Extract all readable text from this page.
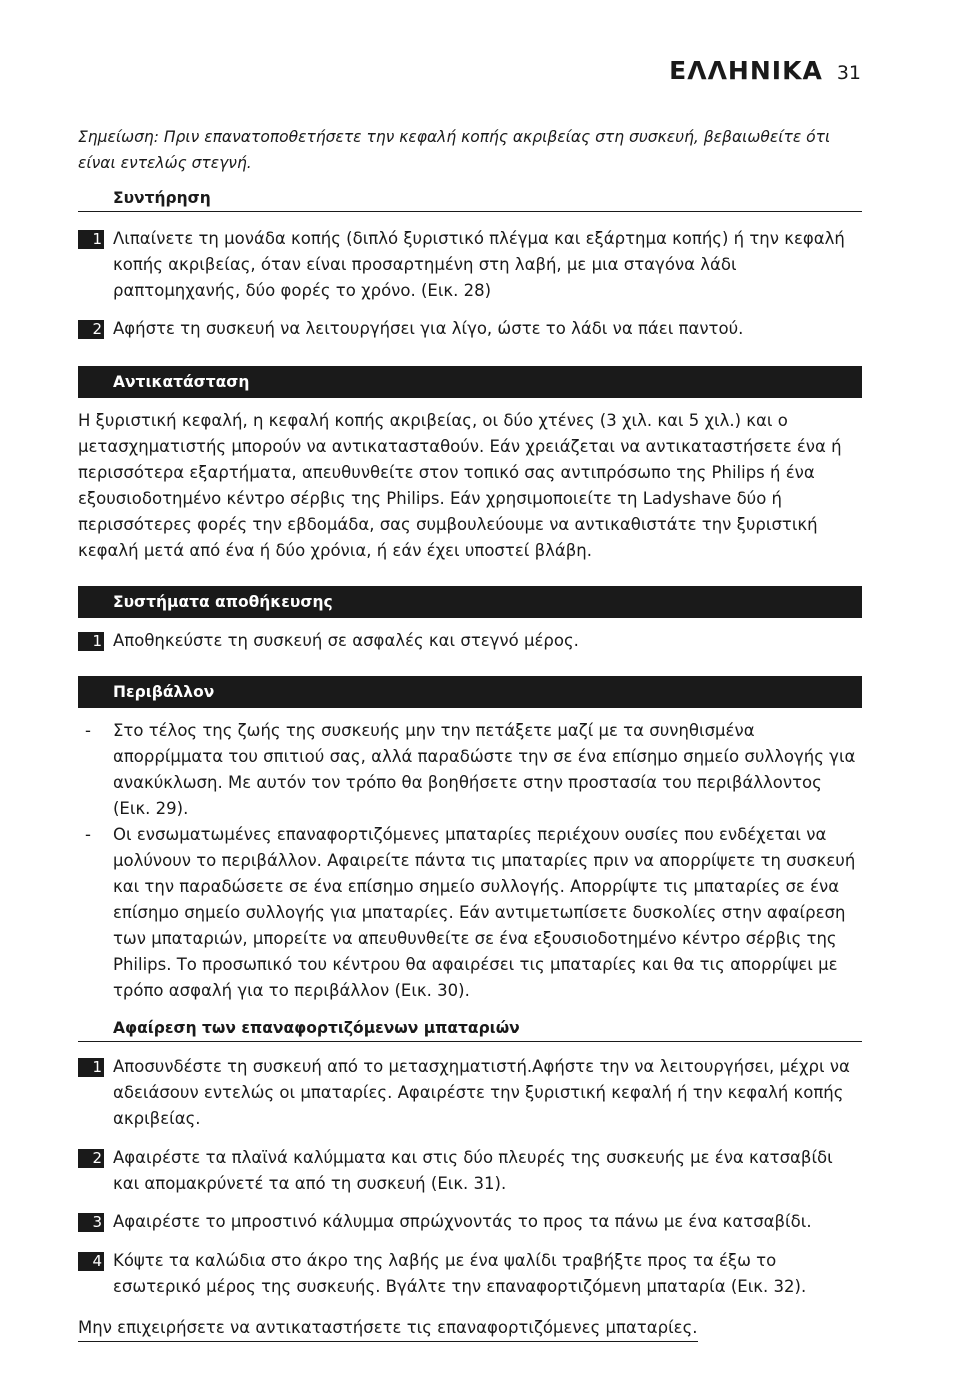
ΕΛΛΗΝΙΚΑ 31
Σημείωση: Πριν επανατοποθετήσετε την κεφαλή κοπής ακριβείας στη συσκευή, βεβαιωθείτε ότι είναι εντελώς στεγνή.
Συντήρηση
1 Λιπαίνετε τη μονάδα κοπής (διπλό ξυριστικό πλέγμα και εξάρτημα κοπής) ή την κεφαλή κοπής ακριβείας, όταν είναι προσαρτημένη στη λαβή, με μια σταγόνα λάδι ραπτομηχανής, δύο φορές το χρόνο. (Εικ. 28)
2 Αφήστε τη συσκευή να λειτουργήσει για λίγο, ώστε το λάδι να πάει παντού.
Αντικατάσταση
Η ξυριστική κεφαλή, η κεφαλή κοπής ακριβείας, οι δύο χτένες (3 χιλ. και 5 χιλ.) και ο μετασχηματιστής μπορούν να αντικατασταθούν. Εάν χρειάζεται να αντικαταστήσετε ένα ή περισσότερα εξαρτήματα, απευθυνθείτε στον τοπικό σας αντιπρόσωπο της Philips ή ένα εξουσιοδοτημένο κέντρο σέρβις της Philips. Εάν χρησιμοποιείτε τη Ladyshave δύο ή περισσότερες φορές την εβδομάδα, σας συμβουλεύουμε να αντικαθιστάτε την ξυριστική κεφαλή μετά από ένα ή δύο χρόνια, ή εάν έχει υποστεί βλάβη.
Συστήματα αποθήκευσης
1 Αποθηκεύστε τη συσκευή σε ασφαλές και στεγνό μέρος.
Περιβάλλον
- Στο τέλος της ζωής της συσκευής μην την πετάξετε μαζί με τα συνηθισμένα απορρίμματα του σπιτιού σας, αλλά παραδώστε την σε ένα επίσημο σημείο συλλογής για ανακύκλωση. Με αυτόν τον τρόπο θα βοηθήσετε στην προστασία του περιβάλλοντος (Εικ. 29).
- Οι ενσωματωμένες επαναφορτιζόμενες μπαταρίες περιέχουν ουσίες που ενδέχεται να μολύνουν το περιβάλλον. Αφαιρείτε πάντα τις μπαταρίες πριν να απορρίψετε τη συσκευή και την παραδώσετε σε ένα επίσημο σημείο συλλογής. Απορρίψτε τις μπαταρίες σε ένα επίσημο σημείο συλλογής για μπαταρίες. Εάν αντιμετωπίσετε δυσκολίες στην αφαίρεση των μπαταριών, μπορείτε να απευθυνθείτε σε ένα εξουσιοδοτημένο κέντρο σέρβις της Philips. Το προσωπικό του κέντρου θα αφαιρέσει τις μπαταρίες και θα τις απορρίψει με τρόπο ασφαλή για το περιβάλλον (Εικ. 30).
Αφαίρεση των επαναφορτιζόμενων μπαταριών
1 Αποσυνδέστε τη συσκευή από το μετασχηματιστή.Αφήστε την να λειτουργήσει, μέχρι να αδειάσουν εντελώς οι μπαταρίες. Αφαιρέστε την ξυριστική κεφαλή ή την κεφαλή κοπής ακριβείας.
2 Αφαιρέστε τα πλαϊνά καλύμματα και στις δύο πλευρές της συσκευής με ένα κατσαβίδι και απομακρύνετέ τα από τη συσκευή (Εικ. 31).
3 Αφαιρέστε το μπροστινό κάλυμμα σπρώχνοντάς το προς τα πάνω με ένα κατσαβίδι.
4 Κόψτε τα καλώδια στο άκρο της λαβής με ένα ψαλίδι τραβήξτε προς τα έξω το εσωτερικό μέρος της συσκευής. Βγάλτε την επαναφορτιζόμενη μπαταρία (Εικ. 32).
Μην επιχειρήσετε να αντικαταστήσετε τις επαναφορτιζόμενες μπαταρίες.
